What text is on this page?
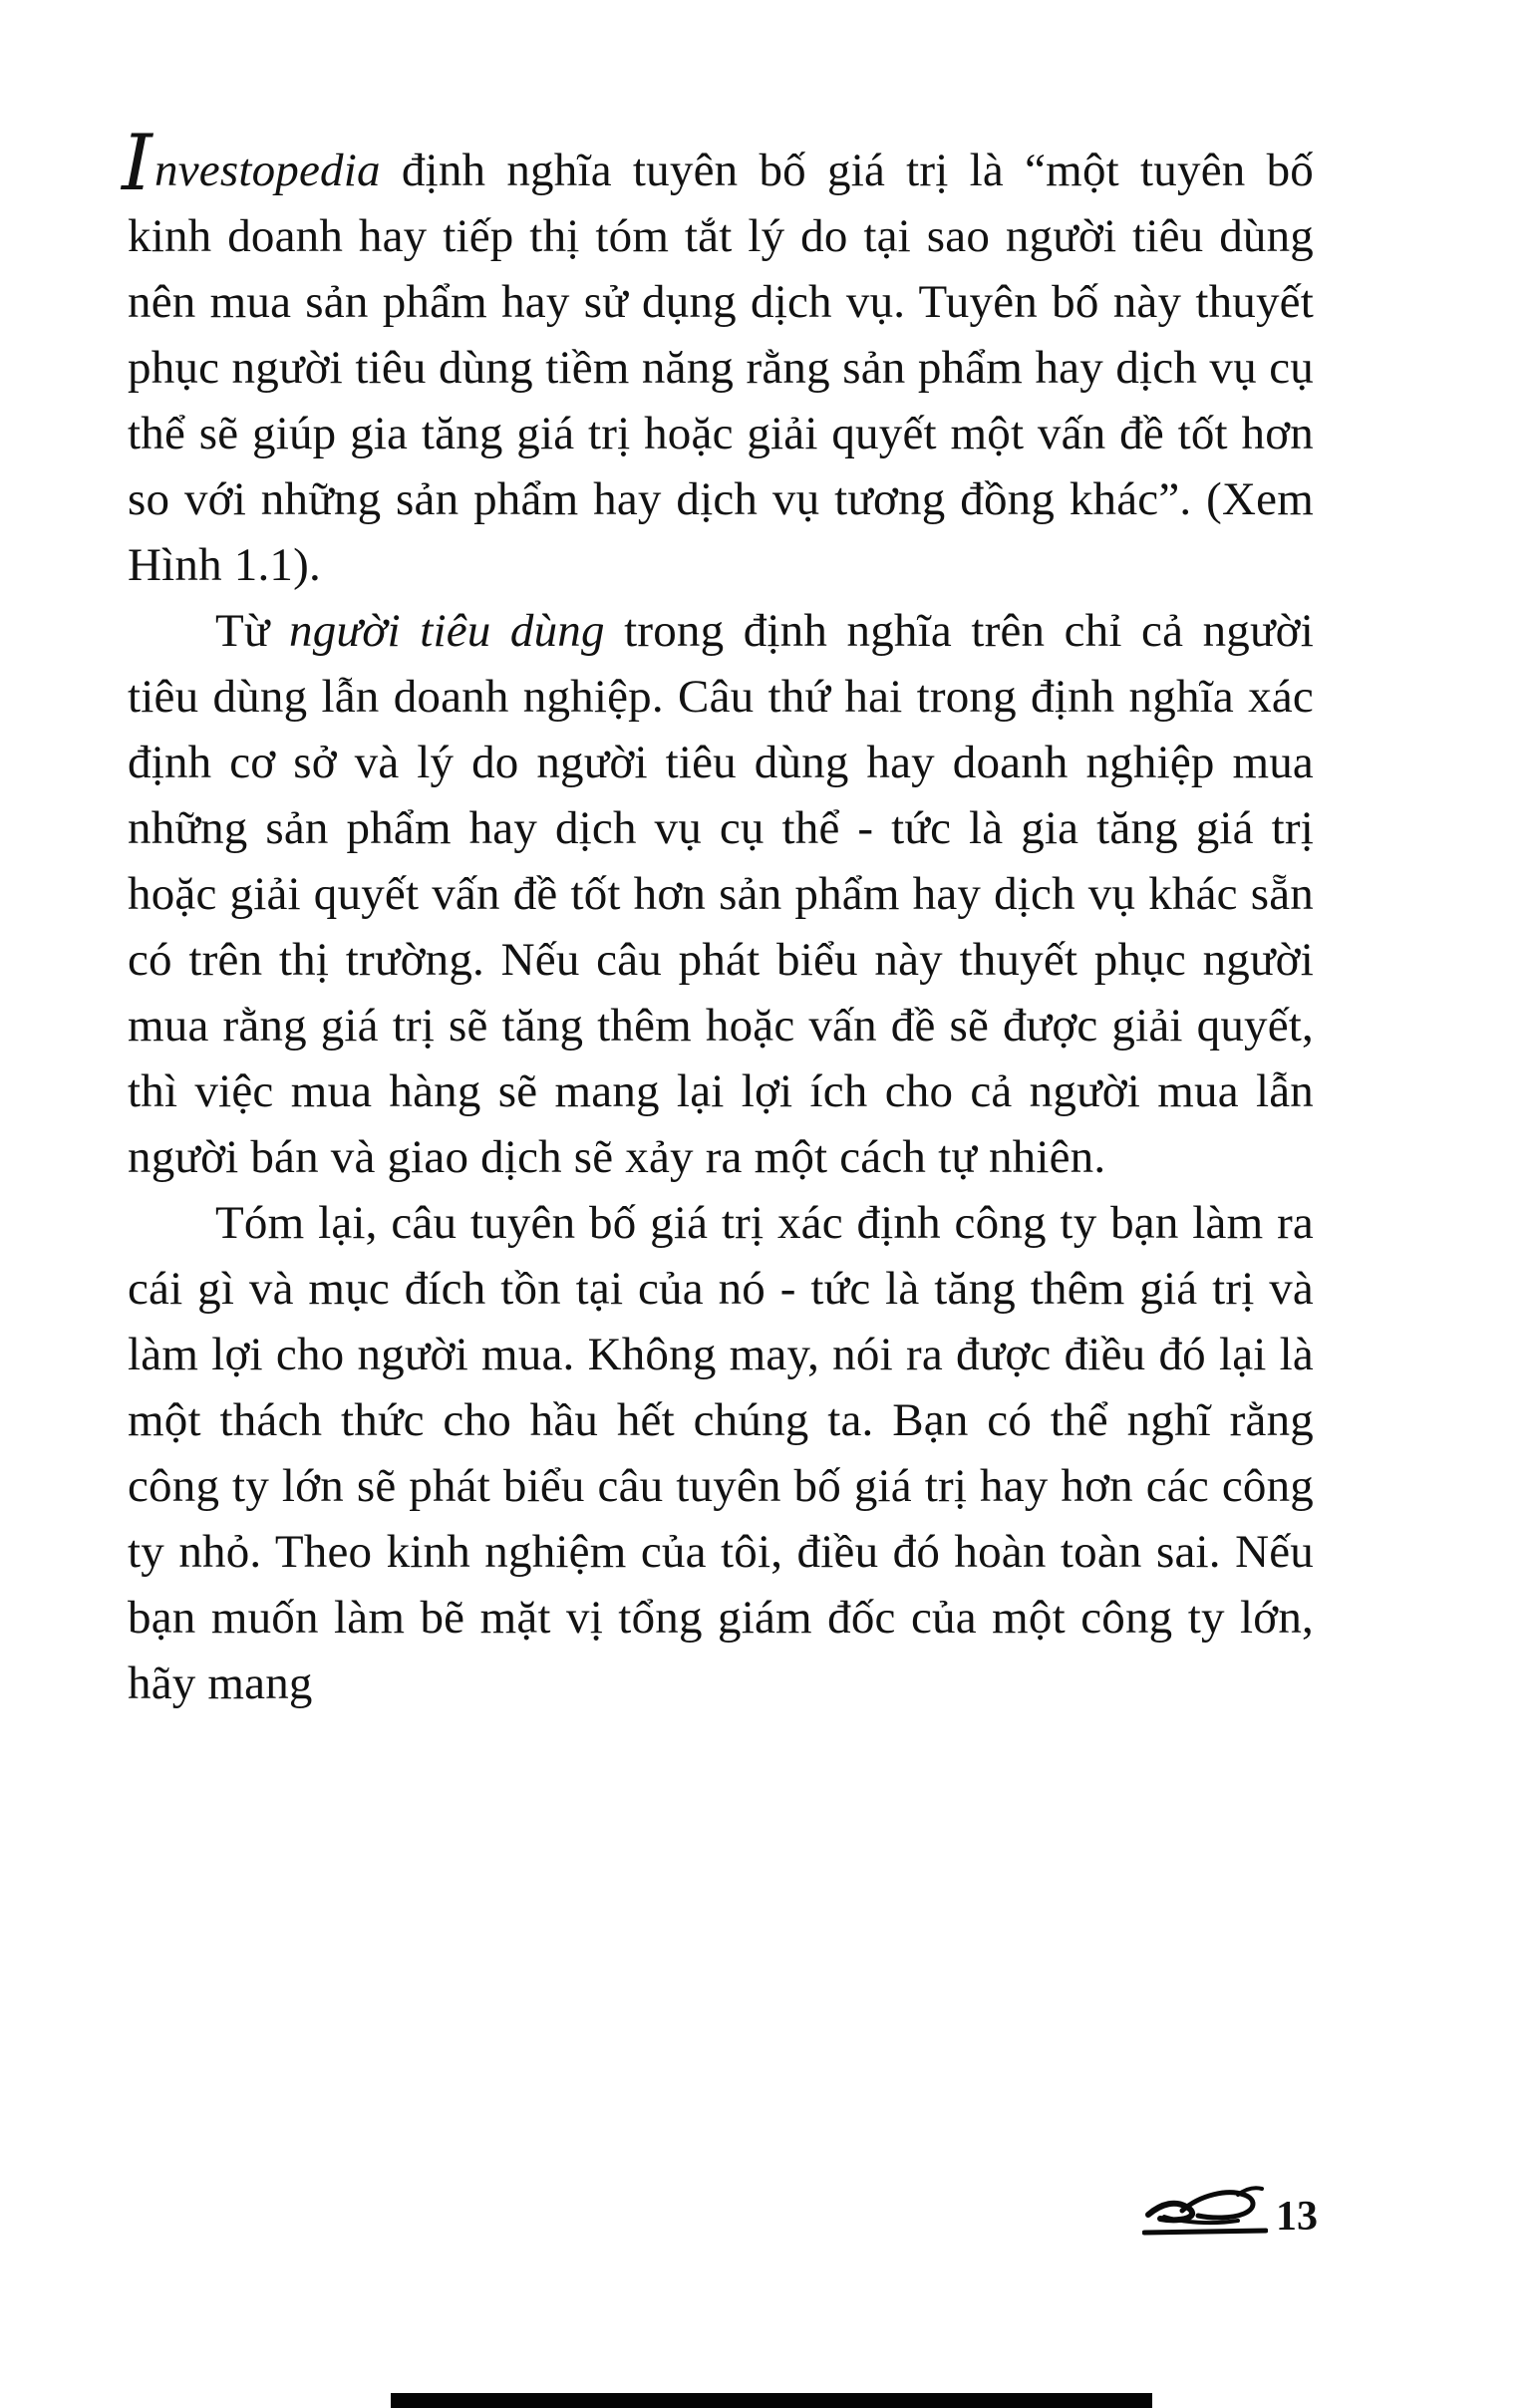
Investopedia định nghĩa tuyên bố giá trị là “một tuyên bố kinh doanh hay tiếp thị tóm tắt lý do tại sao người tiêu dùng nên mua sản phẩm hay sử dụng dịch vụ. Tuyên bố này thuyết phục người tiêu dùng tiềm năng rằng sản phẩm hay dịch vụ cụ thể sẽ giúp gia tăng giá trị hoặc giải quyết một vấn đề tốt hơn so với những sản phẩm hay dịch vụ tương đồng khác”. (Xem Hình 1.1).

Từ người tiêu dùng trong định nghĩa trên chỉ cả người tiêu dùng lẫn doanh nghiệp. Câu thứ hai trong định nghĩa xác định cơ sở và lý do người tiêu dùng hay doanh nghiệp mua những sản phẩm hay dịch vụ cụ thể - tức là gia tăng giá trị hoặc giải quyết vấn đề tốt hơn sản phẩm hay dịch vụ khác sẵn có trên thị trường. Nếu câu phát biểu này thuyết phục người mua rằng giá trị sẽ tăng thêm hoặc vấn đề sẽ được giải quyết, thì việc mua hàng sẽ mang lại lợi ích cho cả người mua lẫn người bán và giao dịch sẽ xảy ra một cách tự nhiên.

Tóm lại, câu tuyên bố giá trị xác định công ty bạn làm ra cái gì và mục đích tồn tại của nó - tức là tăng thêm giá trị và làm lợi cho người mua. Không may, nói ra được điều đó lại là một thách thức cho hầu hết chúng ta. Bạn có thể nghĩ rằng công ty lớn sẽ phát biểu câu tuyên bố giá trị hay hơn các công ty nhỏ. Theo kinh nghiệm của tôi, điều đó hoàn toàn sai. Nếu bạn muốn làm bẽ mặt vị tổng giám đốc của một công ty lớn, hãy mang

13
